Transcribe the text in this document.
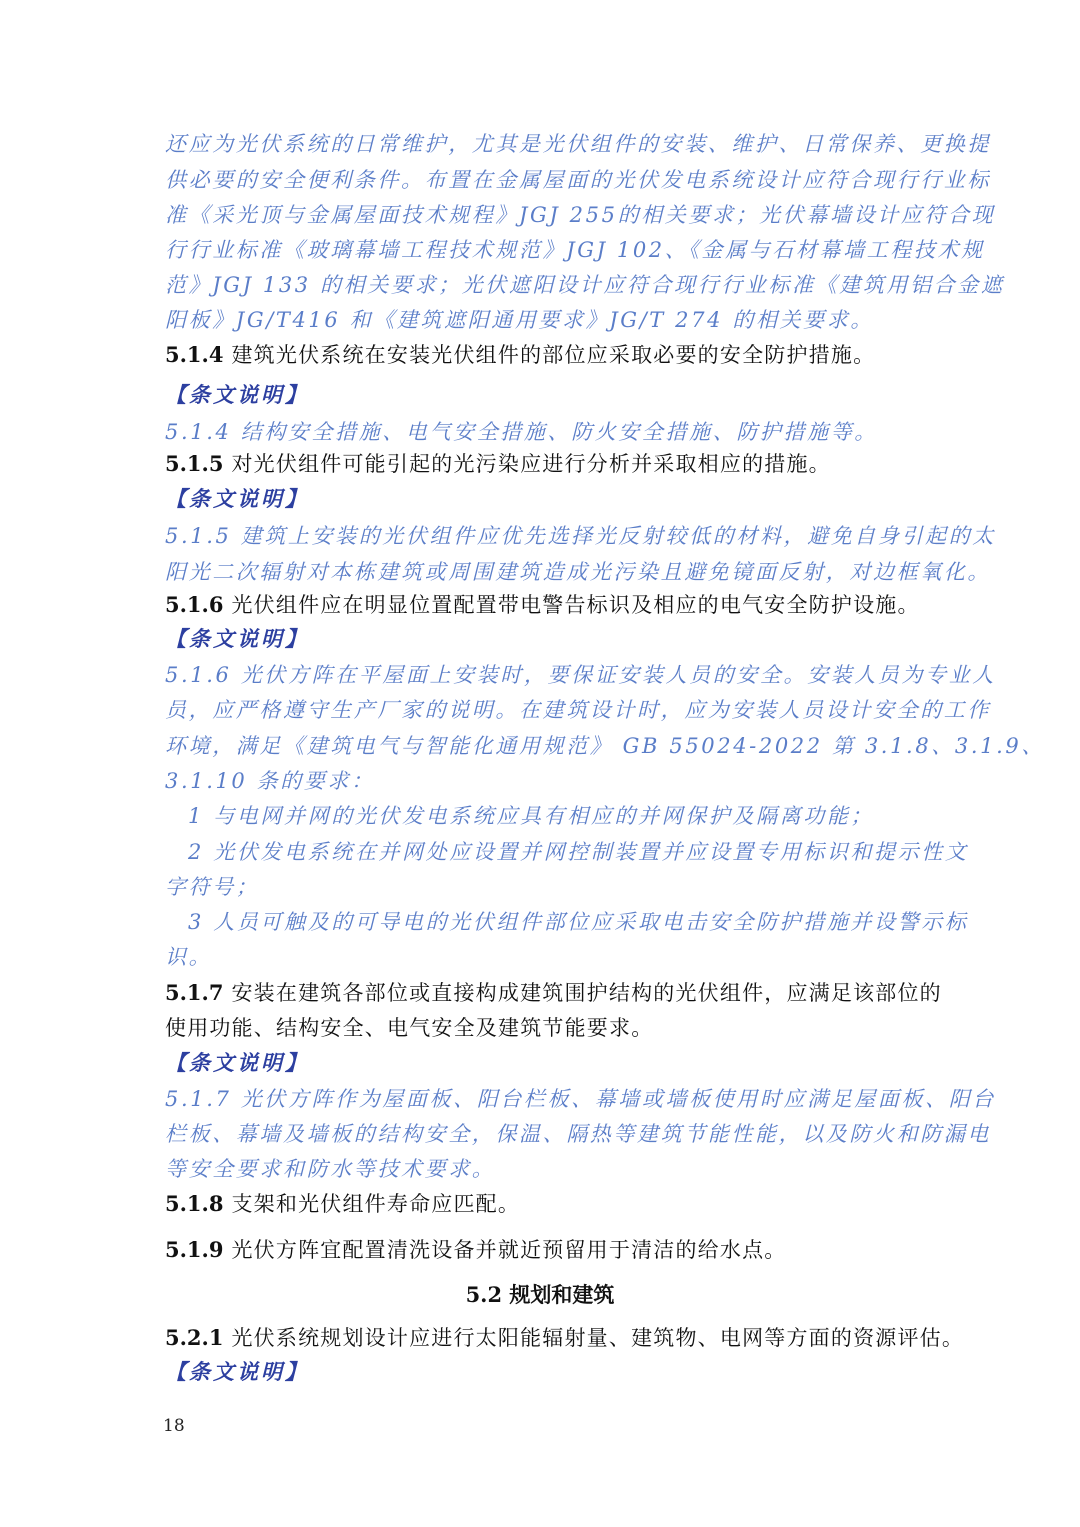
还应为光伏系统的日常维护，尤其是光伏组件的安装、维护、日常保养、更换提
供必要的安全便利条件。布置在金属屋面的光伏发电系统设计应符合现行行业标
准《采光顶与金属屋面技术规程》JGJ 255的相关要求；光伏幕墙设计应符合现
行行业标准《玻璃幕墙工程技术规范》JGJ 102、《金属与石材幕墙工程技术规
范》JGJ 133 的相关要求；光伏遮阳设计应符合现行行业标准《建筑用铝合金遮
阳板》JG/T416 和《建筑遮阳通用要求》JG/T 274 的相关要求。
5.1.4 建筑光伏系统在安装光伏组件的部位应采取必要的安全防护措施。
【条文说明】
5.1.4 结构安全措施、电气安全措施、防火安全措施、防护措施等。
5.1.5 对光伏组件可能引起的光污染应进行分析并采取相应的措施。
【条文说明】
5.1.5 建筑上安装的光伏组件应优先选择光反射较低的材料，避免自身引起的太
阳光二次辐射对本栋建筑或周围建筑造成光污染且避免镜面反射，对边框氧化。
5.1.6 光伏组件应在明显位置配置带电警告标识及相应的电气安全防护设施。
【条文说明】
5.1.6 光伏方阵在平屋面上安装时，要保证安装人员的安全。安装人员为专业人
员，应严格遵守生产厂家的说明。在建筑设计时，应为安装人员设计安全的工作
环境，满足《建筑电气与智能化通用规范》 GB 55024-2022 第 3.1.8、3.1.9、
3.1.10 条的要求：
1 与电网并网的光伏发电系统应具有相应的并网保护及隔离功能；
2 光伏发电系统在并网处应设置并网控制装置并应设置专用标识和提示性文
字符号；
3 人员可触及的可导电的光伏组件部位应采取电击安全防护措施并设警示标
识。
5.1.7 安装在建筑各部位或直接构成建筑围护结构的光伏组件，应满足该部位的
使用功能、结构安全、电气安全及建筑节能要求。
【条文说明】
5.1.7 光伏方阵作为屋面板、阳台栏板、幕墙或墙板使用时应满足屋面板、阳台
栏板、幕墙及墙板的结构安全，保温、隔热等建筑节能性能，以及防火和防漏电
等安全要求和防水等技术要求。
5.1.8 支架和光伏组件寿命应匹配。
5.1.9 光伏方阵宜配置清洗设备并就近预留用于清洁的给水点。
5.2 规划和建筑
5.2.1 光伏系统规划设计应进行太阳能辐射量、建筑物、电网等方面的资源评估。
【条文说明】
18
